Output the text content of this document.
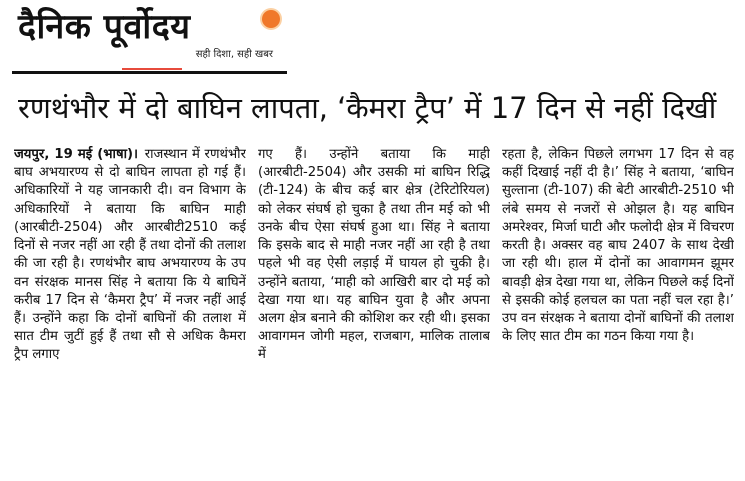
दैनिक पूर्वोदय
सही दिशा, सही खबर
रणथंभौर में दो बाघिन लापता, ‘कैमरा ट्रैप’ में 17 दिन से नहीं दिखीं

जयपुर, 19 मई (भाषा)। राजस्थान में रणथंभौर बाघ अभयारण्य से दो बाघिन लापता हो गई हैं। अधिकारियों ने यह जानकारी दी। वन विभाग के अधिकारियों ने बताया कि बाघिन माही (आरबीटी-2504) और आरबीटी2510 कई दिनों से नजर नहीं आ रही हैं तथा दोनों की तलाश की जा रही है। रणथंभौर बाघ अभयारण्य के उप वन संरक्षक मानस सिंह ने बताया कि ये बाघिनें करीब 17 दिन से ‘कैमरा ट्रैप’ में नजर नहीं आई हैं। उन्होंने कहा कि दोनों बाघिनों की तलाश में सात टीम जुटीं हुई हैं तथा सौ से अधिक कैमरा ट्रैप लगाए

गए हैं। उन्होंने बताया कि माही (आरबीटी-2504) और उसकी मां बाघिन रिद्धि (टी-124) के बीच कई बार क्षेत्र (टेरिटोरियल) को लेकर संघर्ष हो चुका है तथा तीन मई को भी उनके बीच ऐसा संघर्ष हुआ था। सिंह ने बताया कि इसके बाद से माही नजर नहीं आ रही है तथा पहले भी वह ऐसी लड़ाई में घायल हो चुकी है। उन्होंने बताया, ‘माही को आखिरी बार दो मई को देखा गया था। यह बाघिन युवा है और अपना अलग क्षेत्र बनाने की कोशिश कर रही थी। इसका आवागमन जोगी महल, राजबाग, मालिक तालाब में

रहता है, लेकिन पिछले लगभग 17 दिन से वह कहीं दिखाई नहीं दी है।’ सिंह ने बताया, ‘बाघिन सुल्ताना (टी-107) की बेटी आरबीटी-2510 भी लंबे समय से नजरों से ओझल है। यह बाघिन अमरेश्वर, मिर्जा घाटी और फलोदी क्षेत्र में विचरण करती है। अक्सर वह बाघ 2407 के साथ देखी जा रही थी। हाल में दोनों का आवागमन झूमर बावड़ी क्षेत्र देखा गया था, लेकिन पिछले कई दिनों से इसकी कोई हलचल का पता नहीं चल रहा है।’ उप वन संरक्षक ने बताया दोनों बाघिनों की तलाश के लिए सात टीम का गठन किया गया है।
